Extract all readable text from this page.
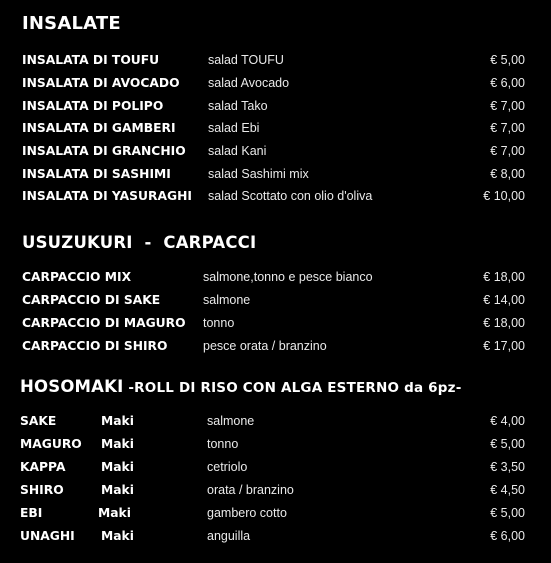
INSALATE
INSALATA DI TOUFU	salad TOUFU	€ 5,00
INSALATA DI AVOCADO salad Avocado	€ 6,00
INSALATA DI POLIPO	salad Tako	€ 7,00
INSALATA DI GAMBERI	salad Ebi	€ 7,00
INSALATA DI GRANCHIO salad Kani	€ 7,00
INSALATA DI SASHIMI	salad Sashimi mix	€ 8,00
INSALATA DI YASURAGHI salad Scottato con olio d'oliva	€ 10,00
USUZUKURI  -  CARPACCI
CARPACCIO MIX	salmone,tonno e pesce bianco	€ 18,00
CARPACCIO DI SAKE	salmone	€ 14,00
CARPACCIO DI MAGURO tonno	€ 18,00
CARPACCIO DI SHIRO	pesce orata / branzino	€ 17,00
HOSOMAKI -ROLL DI RISO CON ALGA ESTERNO da 6pz-
SAKE	Maki	salmone	€ 4,00
MAGURO Maki	tonno	€ 5,00
KAPPA	Maki	cetriolo	€ 3,50
SHIRO	Maki	orata / branzino	€ 4,50
EBI	Maki	gambero cotto	€ 5,00
UNAGHI Maki	anguilla	€ 6,00
